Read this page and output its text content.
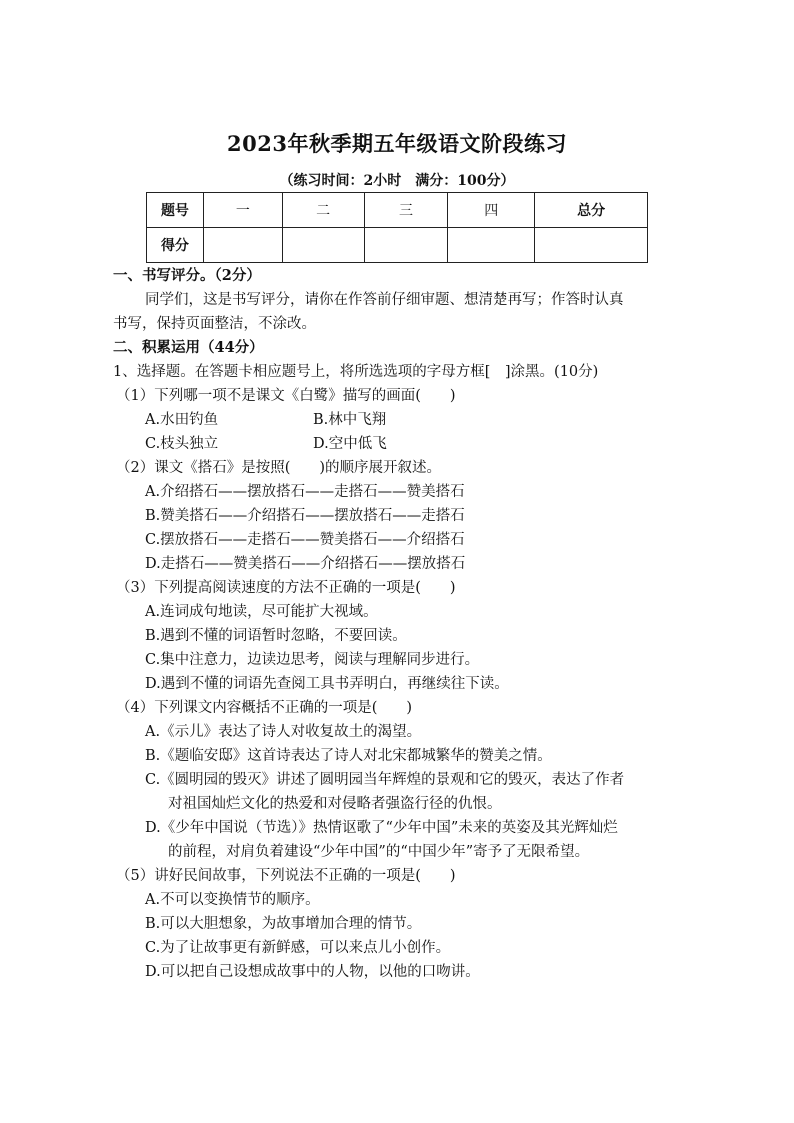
2023年秋季期五年级语文阶段练习
（练习时间：2小时　满分：100分）
题号	一	二	三	四	总分
得分					
一、书写评分。（2分）
同学们，这是书写评分，请你在作答前仔细审题、想清楚再写；作答时认真
书写，保持页面整洁，不涂改。
二、积累运用（44分）
1、选择题。在答题卡相应题号上，将所选选项的字母方框[　]涂黑。(10分)
（1）下列哪一项不是课文《白鹭》描写的画面(　　)
A.水田钓鱼	B.林中飞翔
C.枝头独立	D.空中低飞
（2）课文《搭石》是按照(　　)的顺序展开叙述。
A.介绍搭石——摆放搭石——走搭石——赞美搭石
B.赞美搭石——介绍搭石——摆放搭石——走搭石
C.摆放搭石——走搭石——赞美搭石——介绍搭石
D.走搭石——赞美搭石——介绍搭石——摆放搭石
（3）下列提高阅读速度的方法不正确的一项是(　　)
A.连词成句地读，尽可能扩大视域。
B.遇到不懂的词语暂时忽略，不要回读。
C.集中注意力，边读边思考，阅读与理解同步进行。
D.遇到不懂的词语先查阅工具书弄明白，再继续往下读。
（4）下列课文内容概括不正确的一项是(　　)
A.《示儿》表达了诗人对收复故土的渴望。
B.《题临安邸》这首诗表达了诗人对北宋都城繁华的赞美之情。
C.《圆明园的毁灭》讲述了圆明园当年辉煌的景观和它的毁灭，表达了作者
对祖国灿烂文化的热爱和对侵略者强盗行径的仇恨。
D.《少年中国说（节选）》热情讴歌了“少年中国”未来的英姿及其光辉灿烂
的前程，对肩负着建设“少年中国”的“中国少年”寄予了无限希望。
（5）讲好民间故事，下列说法不正确的一项是(　　)
A.不可以变换情节的顺序。
B.可以大胆想象，为故事增加合理的情节。
C.为了让故事更有新鲜感，可以来点儿小创作。
D.可以把自己设想成故事中的人物，以他的口吻讲。
